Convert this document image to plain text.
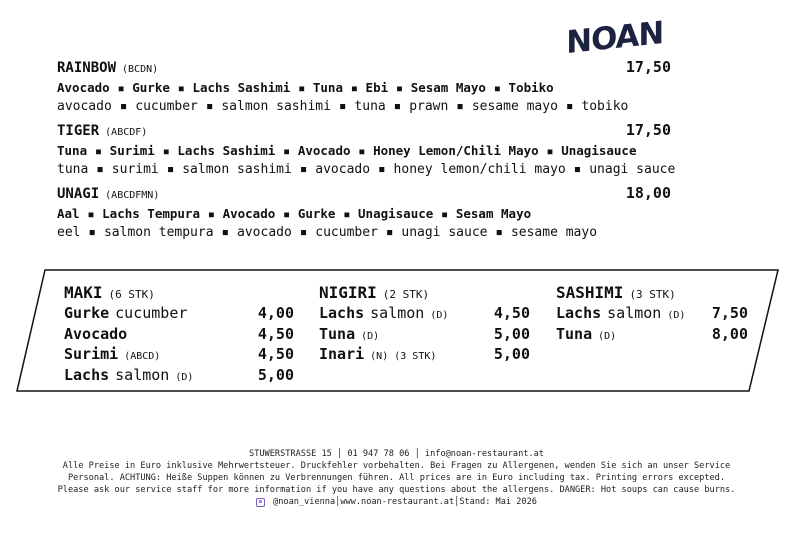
NOAN
RAINBOW (BCDN)	17,50
Avocado ▪ Gurke ▪ Lachs Sashimi ▪ Tuna ▪ Ebi ▪ Sesam Mayo ▪ Tobiko
avocado ▪ cucumber ▪ salmon sashimi ▪ tuna ▪ prawn ▪ sesame mayo ▪ tobiko
TIGER (ABCDF)	17,50
Tuna ▪ Surimi ▪ Lachs Sashimi ▪ Avocado ▪ Honey Lemon/Chili Mayo ▪ Unagisauce
tuna ▪ surimi ▪ salmon sashimi ▪ avocado ▪ honey lemon/chili mayo ▪ unagi sauce
UNAGI (ABCDFMN)	18,00
Aal ▪ Lachs Tempura ▪ Avocado ▪ Gurke ▪ Unagisauce ▪ Sesam Mayo
eel ▪ salmon tempura ▪ avocado ▪ cucumber ▪ unagi sauce ▪ sesame mayo
MAKI (6 STK)
Gurke cucumber	4,00
Avocado	4,50
Surimi (ABCD)	4,50
Lachs salmon (D)	5,00
NIGIRI (2 STK)
Lachs salmon (D)	4,50
Tuna (D)	5,00
Inari (N) (3 STK)	5,00
SASHIMI (3 STK)
Lachs salmon (D) 7,50
Tuna (D)	8,00
STUWERSTRASSE 15 │ 01 947 78 06 │ info@noan-restaurant.at
Alle Preise in Euro inklusive Mehrwertsteuer. Druckfehler vorbehalten. Bei Fragen zu Allergenen, wenden Sie sich an unser Service
Personal. ACHTUNG: Heiße Suppen können zu Verbrennungen führen. All prices are in Euro including tax. Printing errors excepted.
Please ask our service staff for more information if you have any questions about the allergens. DANGER: Hot soups can cause burns.
@noan_vienna│www.noan-restaurant.at│Stand: Mai 2026
